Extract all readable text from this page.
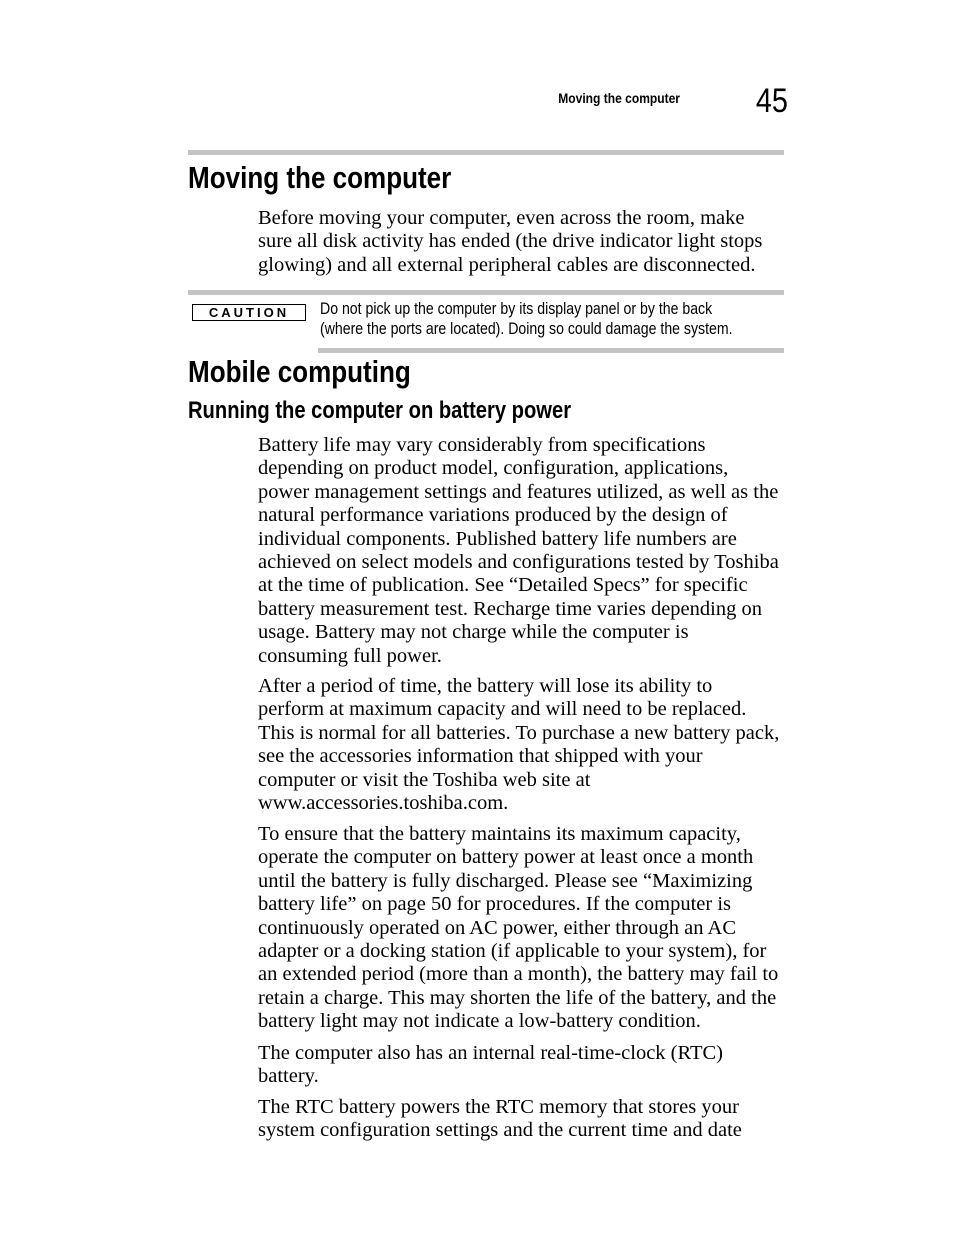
Moving the computer 45
Moving the computer

Before moving your computer, even across the room, make sure all disk activity has ended (the drive indicator light stops glowing) and all external peripheral cables are disconnected.

CAUTION	Do not pick up the computer by its display panel or by the back
(where the ports are located). Doing so could damage the system.

Mobile computing
Running the computer on battery power

Battery life may vary considerably from specifications depending on product model, configuration, applications, power management settings and features utilized, as well as the natural performance variations produced by the design of individual components. Published battery life numbers are achieved on select models and configurations tested by Toshiba at the time of publication. See “Detailed Specs” for specific battery measurement test. Recharge time varies depending on usage. Battery may not charge while the computer is consuming full power.

After a period of time, the battery will lose its ability to perform at maximum capacity and will need to be replaced. This is normal for all batteries. To purchase a new battery pack, see the accessories information that shipped with your computer or visit the Toshiba web site at www.accessories.toshiba.com.

To ensure that the battery maintains its maximum capacity, operate the computer on battery power at least once a month until the battery is fully discharged. Please see “Maximizing battery life” on page 50 for procedures. If the computer is continuously operated on AC power, either through an AC adapter or a docking station (if applicable to your system), for an extended period (more than a month), the battery may fail to retain a charge. This may shorten the life of the battery, and the battery light may not indicate a low-battery condition.

The computer also has an internal real-time-clock (RTC) battery.

The RTC battery powers the RTC memory that stores your system configuration settings and the current time and date
